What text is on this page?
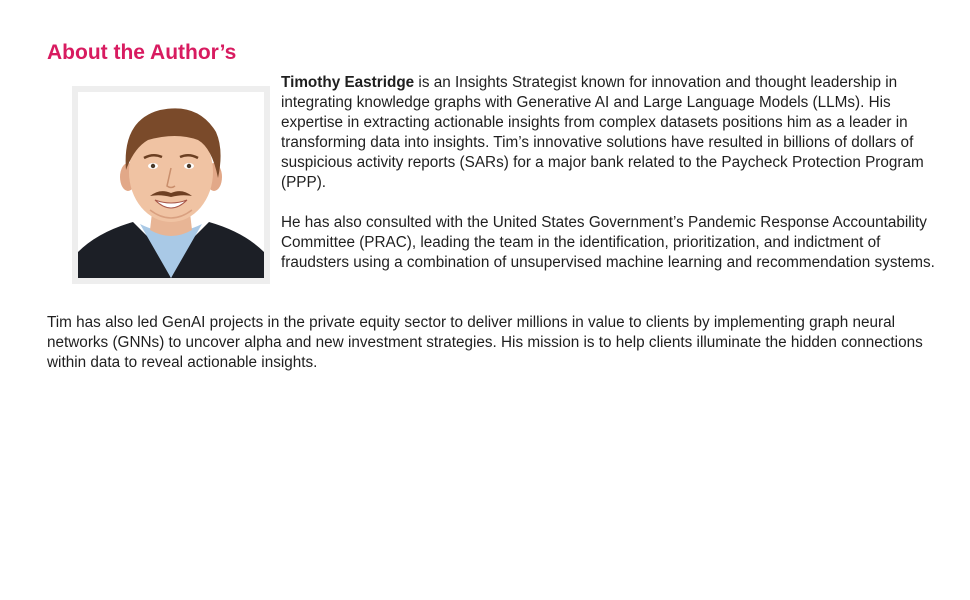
About the Author’s

Timothy Eastridge is an Insights Strategist known for innovation and thought leadership in integrating knowledge graphs with Generative AI and Large Language Models (LLMs). His expertise in extracting actionable insights from complex datasets positions him as a leader in transforming data into insights. Tim’s innovative solutions have resulted in billions of dollars of suspicious activity reports (SARs) for a major bank related to the Paycheck Protection Program (PPP).

He has also consulted with the United States Government’s Pandemic Response Accountability Committee (PRAC), leading the team in the identification, prioritization, and indictment of fraudsters using a combination of unsupervised machine learning and recommendation systems.

Tim has also led GenAI projects in the private equity sector to deliver millions in value to clients by implementing graph neural networks (GNNs) to uncover alpha and new investment strategies. His mission is to help clients illuminate the hidden connections within data to reveal actionable insights.
